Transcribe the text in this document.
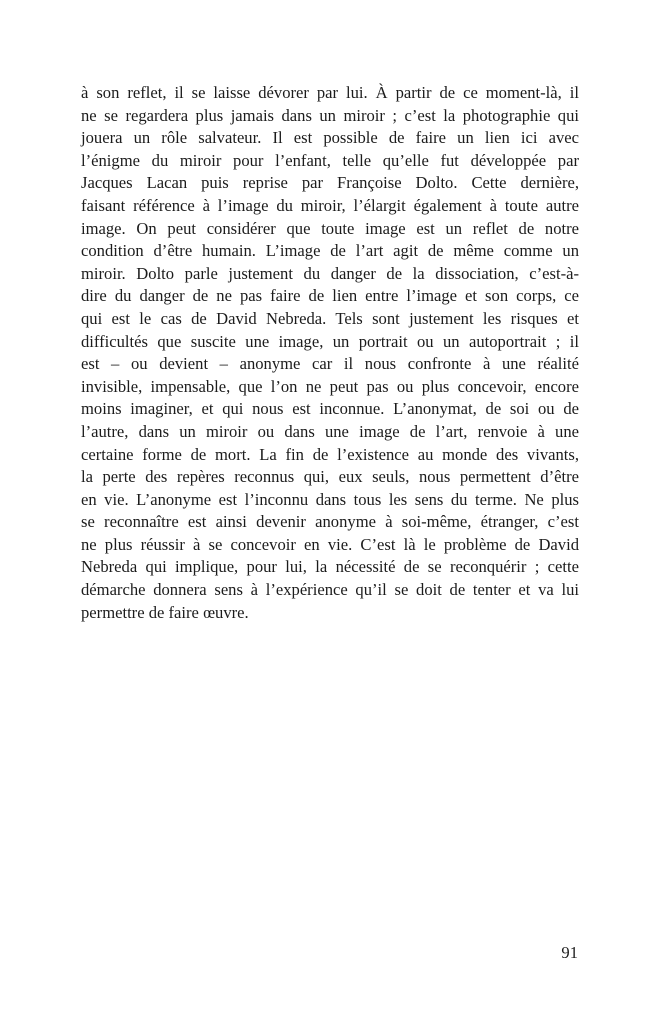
à son reflet, il se laisse dévorer par lui. À partir de ce moment-là, il
ne se regardera plus jamais dans un miroir ; c’est la photographie qui
jouera un rôle salvateur. Il est possible de faire un lien ici avec
l’énigme du miroir pour l’enfant, telle qu’elle fut développée par
Jacques Lacan puis reprise par Françoise Dolto. Cette dernière,
faisant référence à l’image du miroir, l’élargit également à toute autre
image. On peut considérer que toute image est un reflet de notre
condition d’être humain. L’image de l’art agit de même comme un
miroir. Dolto parle justement du danger de la dissociation, c’est-à-
dire du danger de ne pas faire de lien entre l’image et son corps, ce
qui est le cas de David Nebreda. Tels sont justement les risques et
difficultés que suscite une image, un portrait ou un autoportrait ; il
est – ou devient – anonyme car il nous confronte à une réalité
invisible, impensable, que l’on ne peut pas ou plus concevoir, encore
moins imaginer, et qui nous est inconnue. L’anonymat, de soi ou de
l’autre, dans un miroir ou dans une image de l’art, renvoie à une
certaine forme de mort. La fin de l’existence au monde des vivants,
la perte des repères reconnus qui, eux seuls, nous permettent d’être
en vie. L’anonyme est l’inconnu dans tous les sens du terme. Ne plus
se reconnaître est ainsi devenir anonyme à soi-même, étranger, c’est
ne plus réussir à se concevoir en vie. C’est là le problème de David
Nebreda qui implique, pour lui, la nécessité de se reconquérir ; cette
démarche donnera sens à l’expérience qu’il se doit de tenter et va lui
permettre de faire œuvre.

91
